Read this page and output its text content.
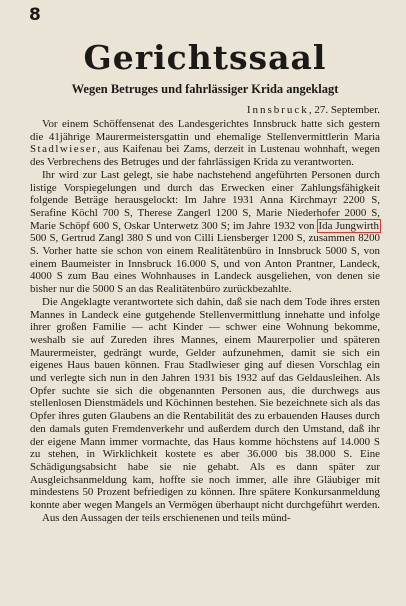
8
Gerichtssaal
Wegen Betruges und fahrlässiger Krida angeklagt
Innsbruck, 27. September.

Vor einem Schöffensenat des Landesgerichtes Innsbruck hatte sich gestern die 41jährige Maurermeistersgattin und ehemalige Stellenvermittlerin Maria Stadlwieser, aus Kaifenau bei Zams, derzeit in Lustenau wohnhaft, wegen des Verbrechens des Betruges und der fahrlässigen Krida zu verantworten.

Ihr wird zur Last gelegt, sie habe nachstehend angeführten Personen durch listige Vorspiegelungen und durch das Erwecken einer Zahlungsfähigkeit folgende Beträge herausgelockt: Im Jahre 1931 Anna Kirchmayr 2200 S, Serafine Köchl 700 S, Therese Zangerl 1200 S, Marie Niederhofer 2000 S, Marie Schöpf 600 S, Oskar Unterwetz 300 S; im Jahre 1932 von Ida Jungwirth 500 S, Gertrud Zangl 380 S und von Cilli Liensberger 1200 S, zusammen 8200 S. Vorher hatte sie schon von einem Realitätenbüro in Innsbruck 5000 S, von einem Baumeister in Innsbruck 16.000 S, und von Anton Prantner, Landeck, 4000 S zum Bau eines Wohnhauses in Landeck ausgeliehen, von denen sie bisher nur die 5000 S an das Realitätenbüro zurückbezahlte.

Die Angeklagte verantwortete sich dahin, daß sie nach dem Tode ihres ersten Mannes in Landeck eine gutgehende Stellenvermittlung innehatte und infolge ihrer großen Familie — acht Kinder — schwer eine Wohnung bekomme, weshalb sie auf Zureden ihres Mannes, einem Maurerpolier und späteren Maurermeister, gedrängt wurde, Gelder aufzunehmen, damit sie sich ein eigenes Haus bauen können. Frau Stadlwieser ging auf diesen Vorschlag ein und verlegte sich nun in den Jahren 1931 bis 1932 auf das Geldausleihen. Als Opfer suchte sie sich die obgenannten Personen aus, die durchwegs aus stellenlosen Dienstmädels und Köchinnen bestehen. Sie bezeichnete sich als das Opfer ihres guten Glaubens an die Rentabilität des zu erbauenden Hauses durch den damals guten Fremdenverkehr und außerdem durch den Umstand, daß ihr der eigene Mann immer vormachte, das Haus komme höchstens auf 14.000 S zu stehen, in Wirklichkeit kostete es aber 36.000 bis 38.000 S. Eine Schädigungsabsicht habe sie nie gehabt. Als es dann später zur Ausgleichsanmeldung kam, hoffte sie noch immer, alle ihre Gläubiger mit mindestens 50 Prozent befriedigen zu können. Ihre spätere Konkursanmeldung konnte aber wegen Mangels an Vermögen überhaupt nicht durchgeführt werden.

Aus den Aussagen der teils erschienenen und teils münd-
